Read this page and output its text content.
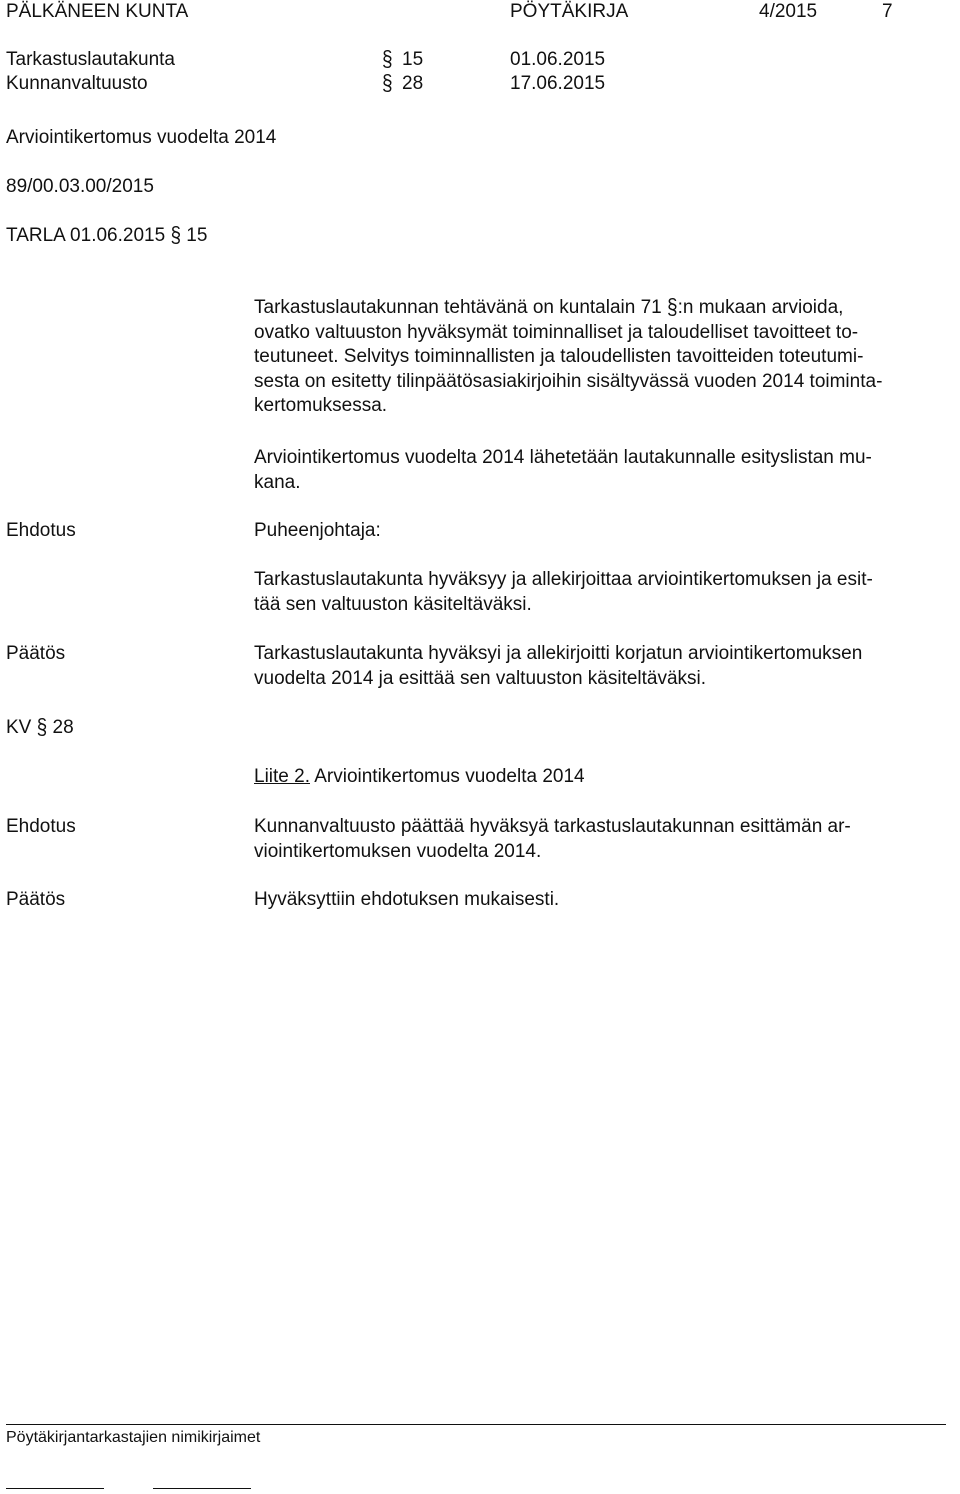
PÄLKÄNEEN KUNTA	PÖYTÄKIRJA	4/2015	7
Tarkastuslautakunta	§ 15	01.06.2015
Kunnanvaltuusto	§ 28	17.06.2015
Arviointikertomus vuodelta 2014
89/00.03.00/2015
TARLA 01.06.2015 § 15
Tarkastuslautakunnan tehtävänä on kuntalain 71 §:n mukaan arvioida,
ovatko valtuuston hyväksymät toiminnalliset ja taloudelliset tavoitteet to-
teutuneet. Selvitys toiminnallisten ja taloudellisten tavoitteiden toteutumi-
sesta on esitetty tilinpäätösasiakirjoihin sisältyvässä vuoden 2014 toiminta-
kertomuksessa.
Arviointikertomus vuodelta 2014 lähetetään lautakunnalle esityslistan mu-
kana.
Ehdotus	Puheenjohtaja:
Tarkastuslautakunta hyväksyy ja allekirjoittaa arviointikertomuksen ja esit-
tää sen valtuuston käsiteltäväksi.
Päätös	Tarkastuslautakunta hyväksyi ja allekirjoitti korjatun arviointikertomuksen
vuodelta 2014 ja esittää sen valtuuston käsiteltäväksi.
KV § 28
Liite 2. Arviointikertomus vuodelta 2014
Ehdotus	Kunnanvaltuusto päättää hyväksyä tarkastuslautakunnan esittämän ar-
viointikertomuksen vuodelta 2014.
Päätös	Hyväksyttiin ehdotuksen mukaisesti.
Pöytäkirjantarkastajien nimikirjaimet
